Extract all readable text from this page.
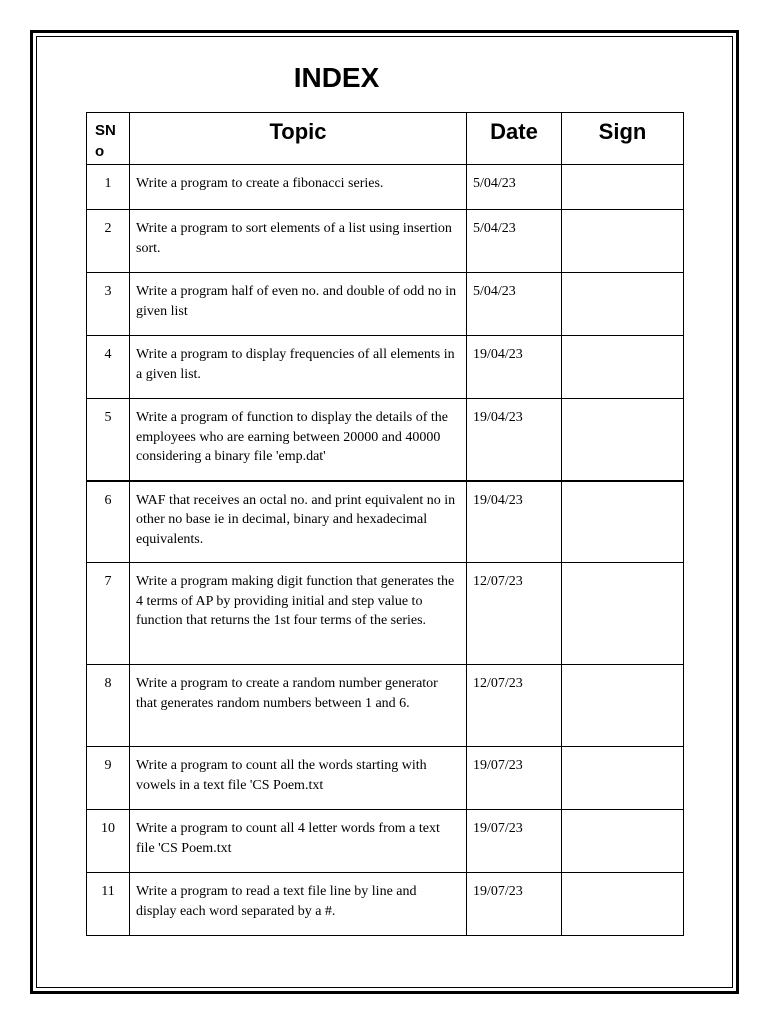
INDEX
SN o	Topic	Date	Sign
1	Write a program to create a fibonacci series.	5/04/23	
2	Write a program to sort elements of a list using insertion sort.	5/04/23	
3	Write a program half of even no. and double of odd no in given list	5/04/23	
4	Write a program to display frequencies of all elements in a given list.	19/04/23	
5	Write a program of function to display the details of the employees who are earning between 20000 and 40000 considering a binary file 'emp.dat'	19/04/23	
6	WAF that receives an octal no. and print equivalent no in other no base ie in decimal, binary and hexadecimal equivalents.	19/04/23	
7	Write a program making digit function that generates the 4 terms of AP by providing initial and step value to function that returns the 1st four terms of the series.	12/07/23	
8	Write a program to create a random number generator that generates random numbers between 1 and 6.	12/07/23	
9	Write a program to count all the words starting with vowels in a text file 'CS Poem.txt	19/07/23	
10	Write a program to count all 4 letter words from a text file 'CS Poem.txt	19/07/23	
11	Write a program to read a text file line by line and display each word separated by a #.	19/07/23	
